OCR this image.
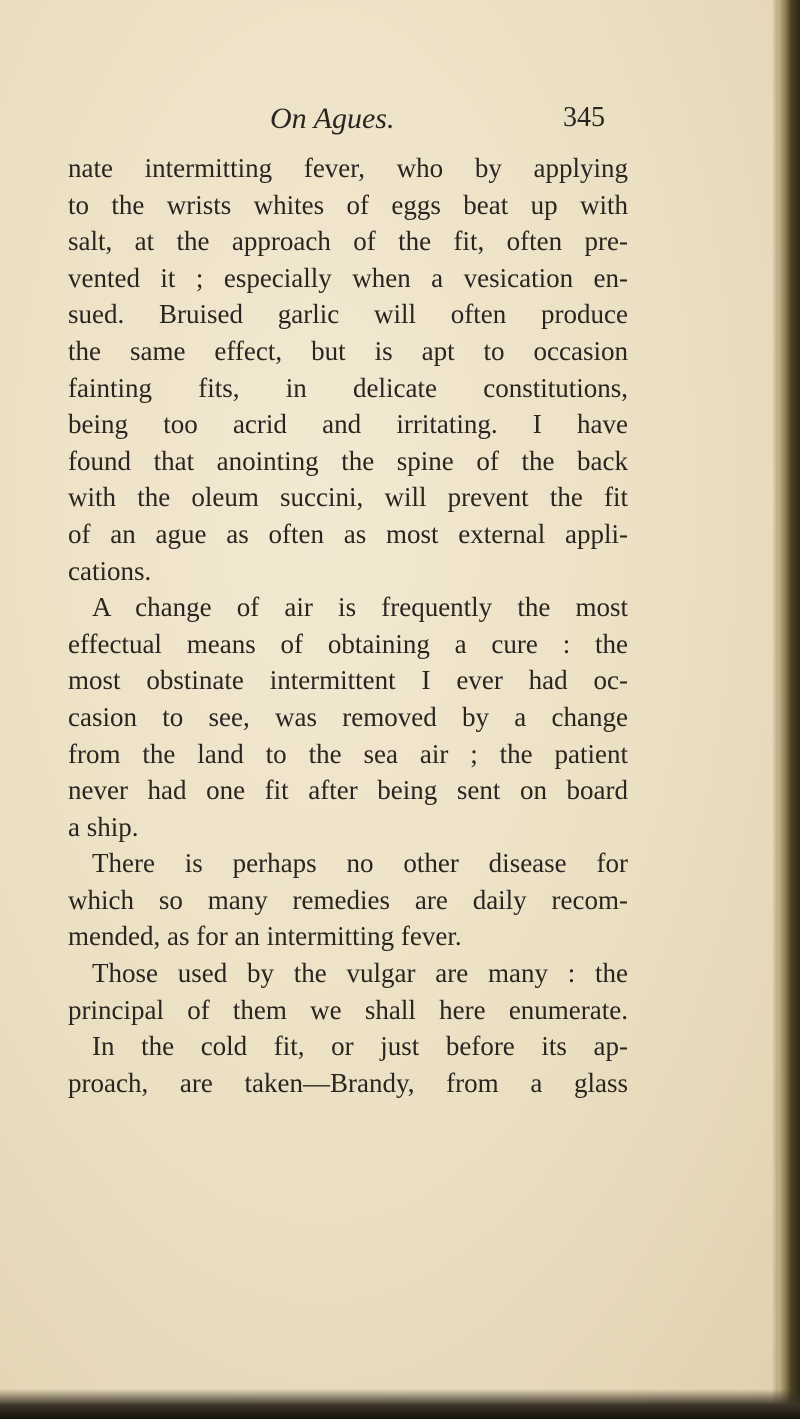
On Agues.	345
nate intermitting fever, who by applying
to the wrists whites of eggs beat up with
salt, at the approach of the fit, often pre-
vented it ; especially when a vesication en-
sued. Bruised garlic will often produce
the same effect, but is apt to occasion
fainting fits, in delicate constitutions,
being too acrid and irritating. I have
found that anointing the spine of the back
with the oleum succini, will prevent the fit
of an ague as often as most external appli-
cations.
A change of air is frequently the most
effectual means of obtaining a cure : the
most obstinate intermittent I ever had oc-
casion to see, was removed by a change
from the land to the sea air ; the patient
never had one fit after being sent on board
a ship.
There is perhaps no other disease for
which so many remedies are daily recom-
mended, as for an intermitting fever.
Those used by the vulgar are many : the
principal of them we shall here enumerate.
In the cold fit, or just before its ap-
proach, are taken—Brandy, from a glass
